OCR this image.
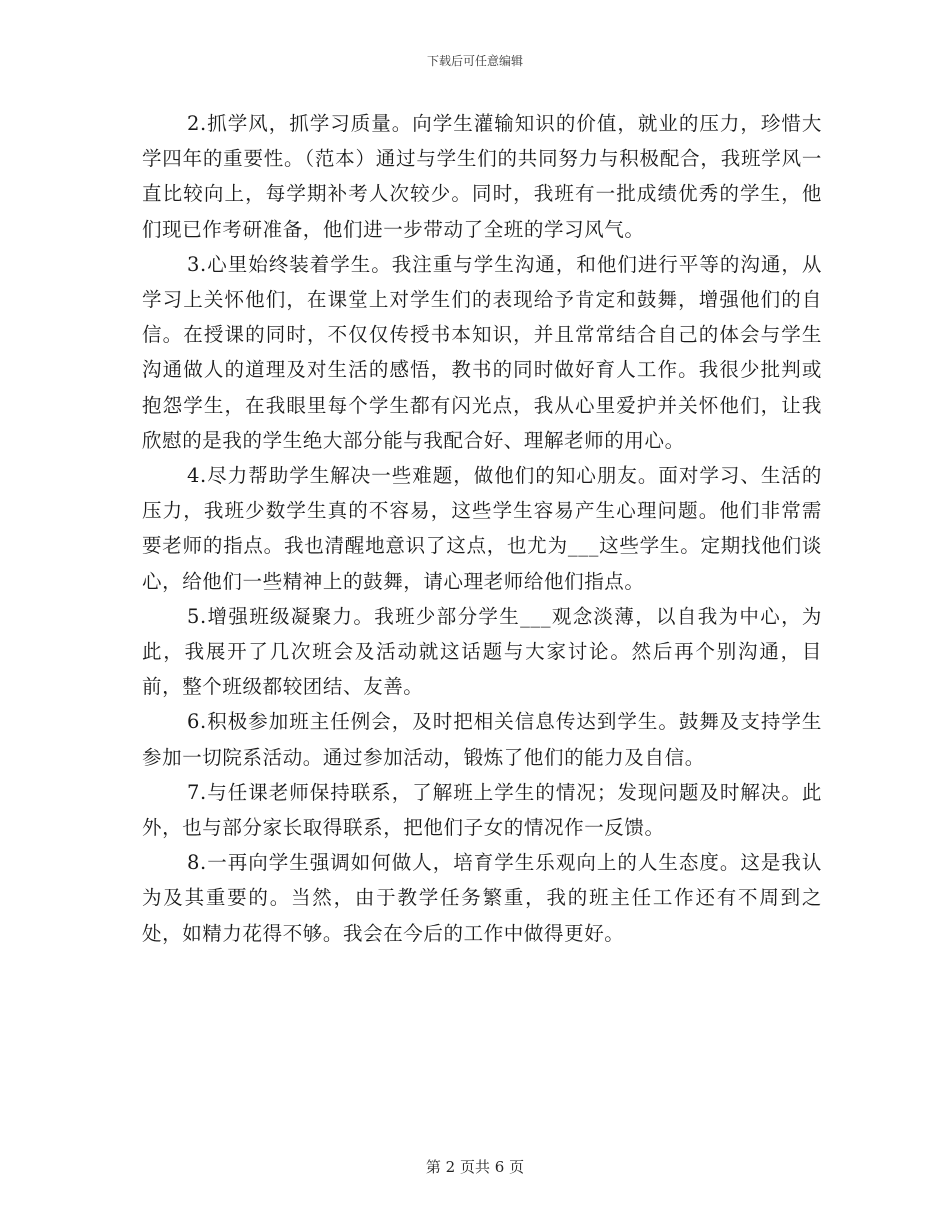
下载后可任意编辑

2.抓学风，抓学习质量。向学生灌输知识的价值，就业的压力，珍惜大学四年的重要性。（范本）通过与学生们的共同努力与积极配合，我班学风一直比较向上，每学期补考人次较少。同时，我班有一批成绩优秀的学生，他们现已作考研准备，他们进一步带动了全班的学习风气。

3.心里始终装着学生。我注重与学生沟通，和他们进行平等的沟通，从学习上关怀他们，在课堂上对学生们的表现给予肯定和鼓舞，增强他们的自信。在授课的同时，不仅仅传授书本知识，并且常常结合自己的体会与学生沟通做人的道理及对生活的感悟，教书的同时做好育人工作。我很少批判或抱怨学生，在我眼里每个学生都有闪光点，我从心里爱护并关怀他们，让我欣慰的是我的学生绝大部分能与我配合好、理解老师的用心。

4.尽力帮助学生解决一些难题，做他们的知心朋友。面对学习、生活的压力，我班少数学生真的不容易，这些学生容易产生心理问题。他们非常需要老师的指点。我也清醒地意识了这点，也尤为___这些学生。定期找他们谈心，给他们一些精神上的鼓舞，请心理老师给他们指点。

5.增强班级凝聚力。我班少部分学生___观念淡薄，以自我为中心，为此，我展开了几次班会及活动就这话题与大家讨论。然后再个别沟通，目前，整个班级都较团结、友善。

6.积极参加班主任例会，及时把相关信息传达到学生。鼓舞及支持学生参加一切院系活动。通过参加活动，锻炼了他们的能力及自信。

7.与任课老师保持联系，了解班上学生的情况；发现问题及时解决。此外，也与部分家长取得联系，把他们子女的情况作一反馈。

8.一再向学生强调如何做人，培育学生乐观向上的人生态度。这是我认为及其重要的。当然，由于教学任务繁重，我的班主任工作还有不周到之处，如精力花得不够。我会在今后的工作中做得更好。

第 2 页共 6 页
